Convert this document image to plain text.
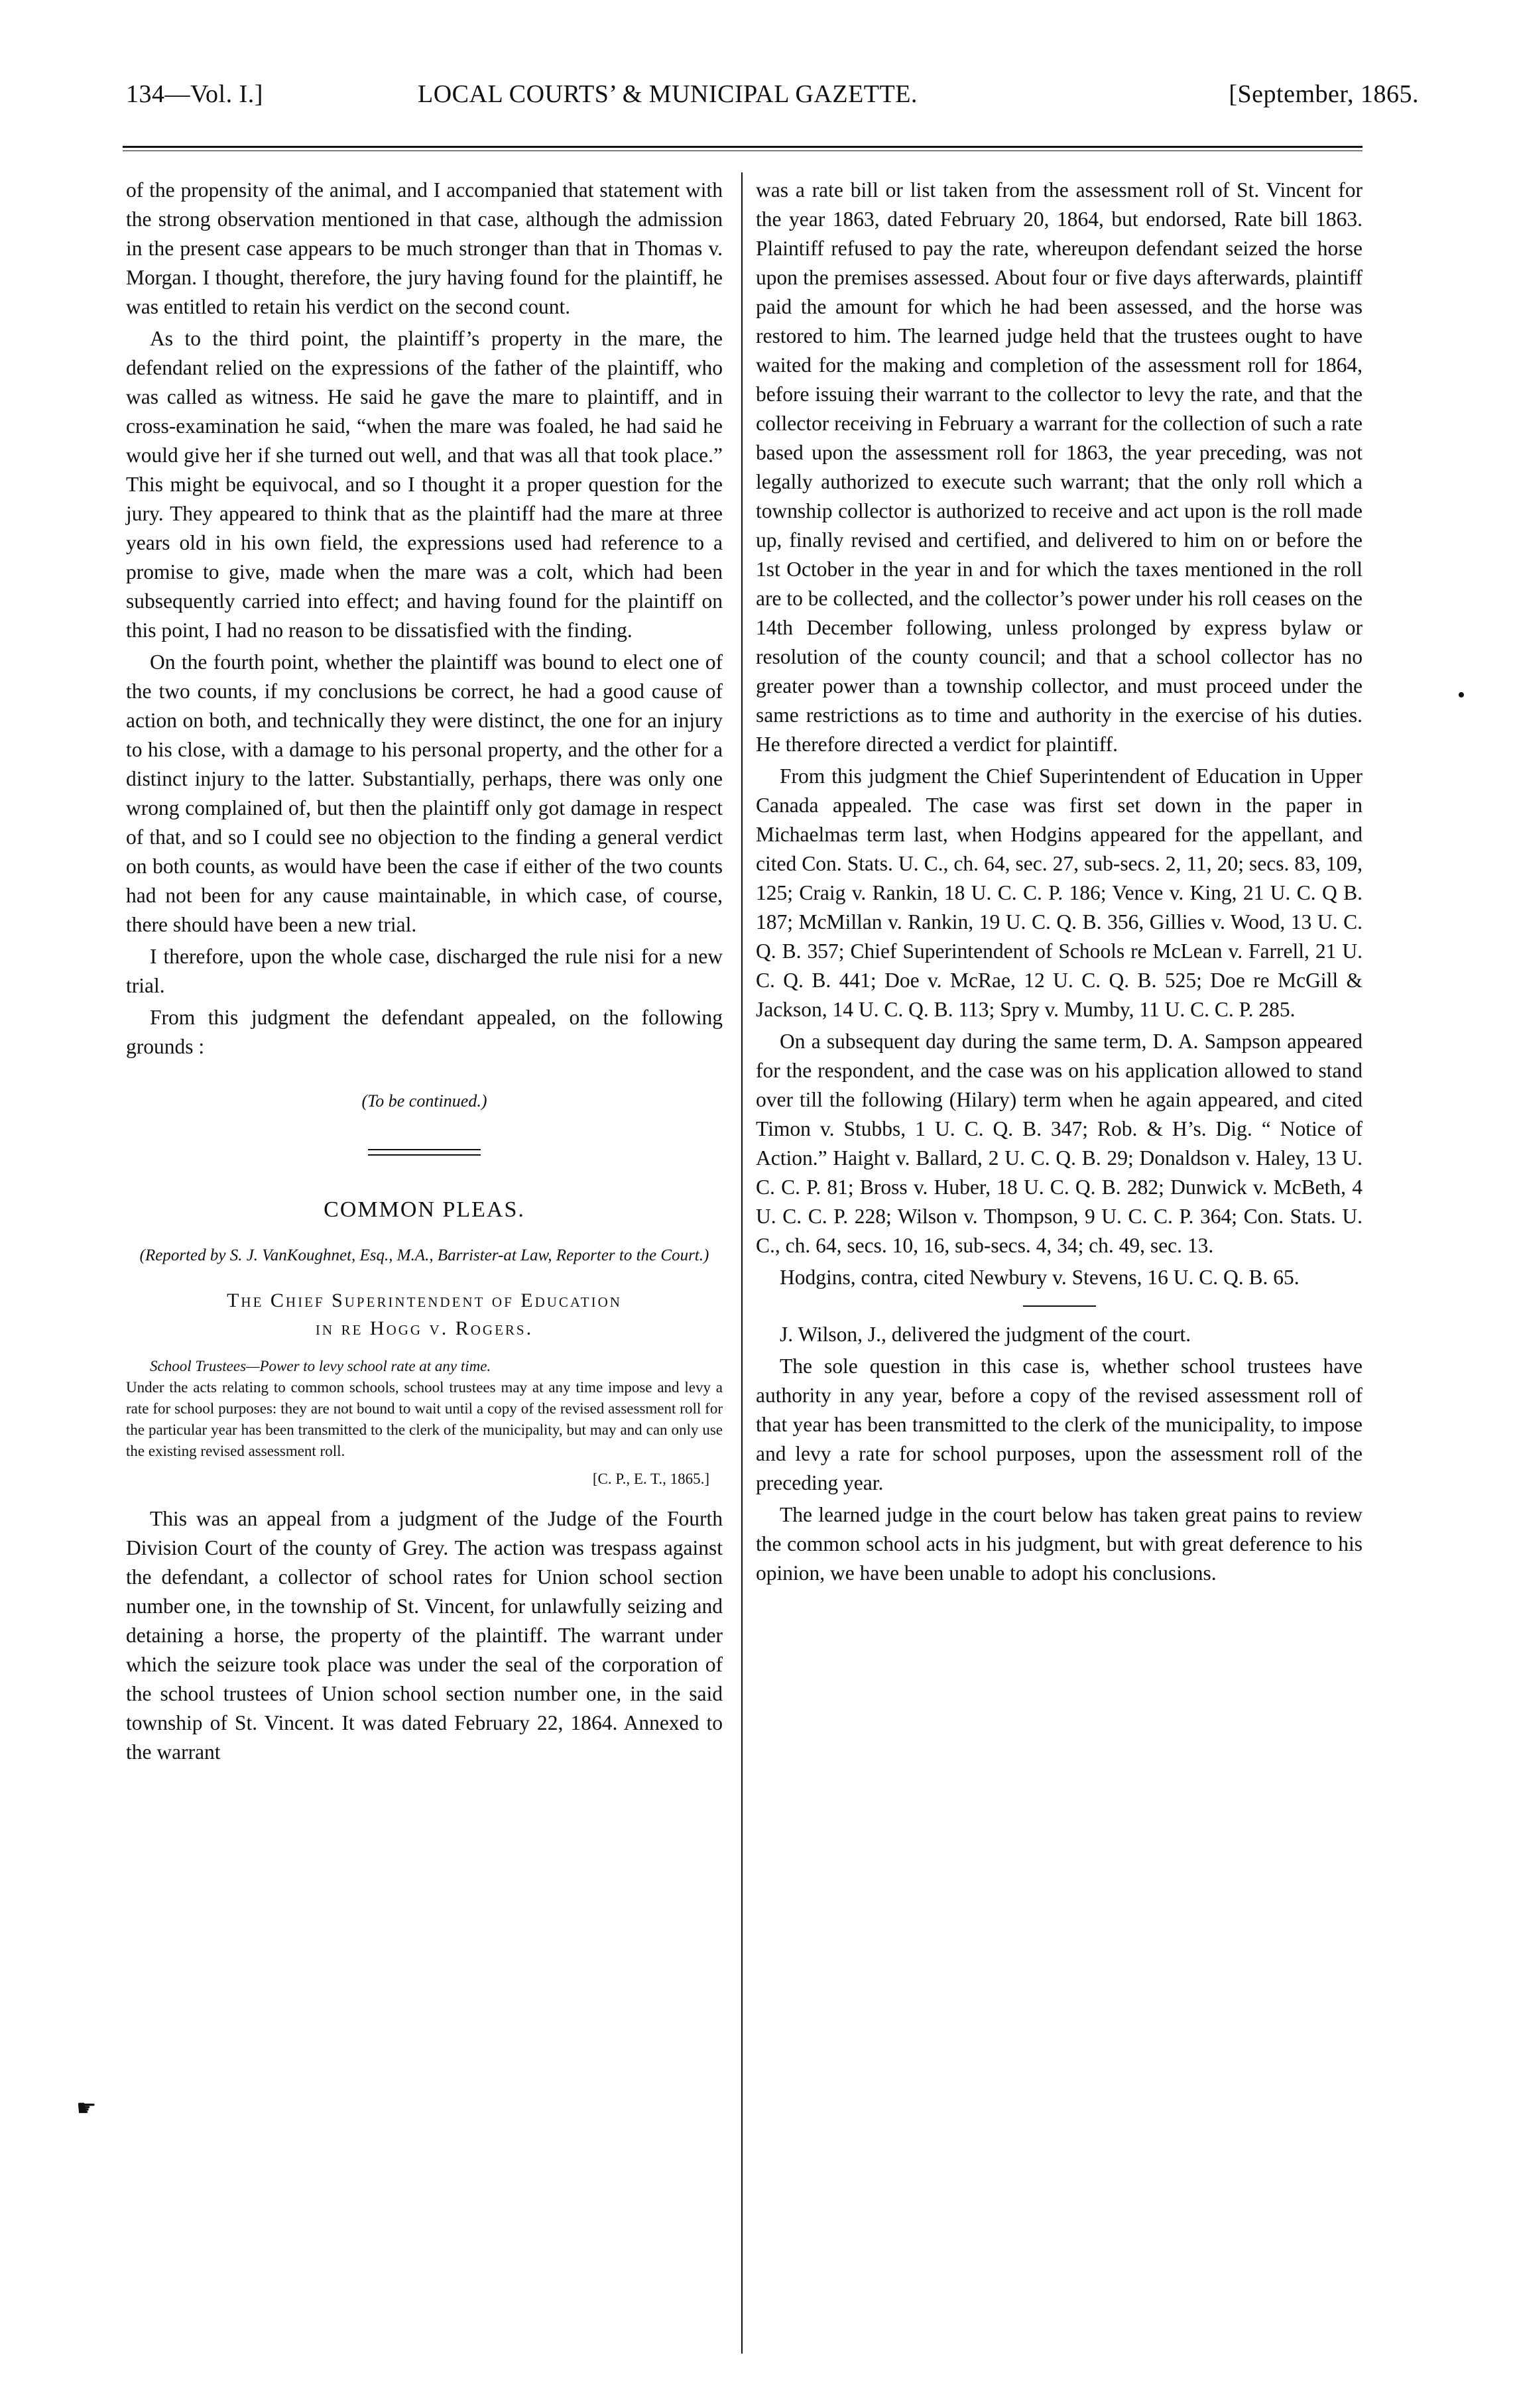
134—Vol. I.]	LOCAL COURTS’ & MUNICIPAL GAZETTE.	[September, 1865.

of the propensity of the animal, and I accompanied that statement with the strong observation mentioned in that case, although the admission in the present case appears to be much stronger than that in Thomas v. Morgan. I thought, therefore, the jury having found for the plaintiff, he was entitled to retain his verdict on the second count.

As to the third point, the plaintiff’s property in the mare, the defendant relied on the expressions of the father of the plaintiff, who was called as witness. He said he gave the mare to plaintiff, and in cross-examination he said, “when the mare was foaled, he had said he would give her if she turned out well, and that was all that took place.” This might be equivocal, and so I thought it a proper question for the jury. They appeared to think that as the plaintiff had the mare at three years old in his own field, the expressions used had reference to a promise to give, made when the mare was a colt, which had been subsequently carried into effect; and having found for the plaintiff on this point, I had no reason to be dissatisfied with the finding.

On the fourth point, whether the plaintiff was bound to elect one of the two counts, if my conclusions be correct, he had a good cause of action on both, and technically they were distinct, the one for an injury to his close, with a damage to his personal property, and the other for a distinct injury to the latter. Substantially, perhaps, there was only one wrong complained of, but then the plaintiff only got damage in respect of that, and so I could see no objection to the finding a general verdict on both counts, as would have been the case if either of the two counts had not been for any cause maintainable, in which case, of course, there should have been a new trial.

I therefore, upon the whole case, discharged the rule nisi for a new trial.

From this judgment the defendant appealed, on the following grounds :

(To be continued.)
COMMON PLEAS.
(Reported by S. J. VanKoughnet, Esq., M.A., Barrister-at Law, Reporter to the Court.)
The Chief Superintendent of Education
in re Hogg v. Rogers.
School Trustees—Power to levy school rate at any time.
Under the acts relating to common schools, school trustees may at any time impose and levy a rate for school purposes: they are not bound to wait until a copy of the revised assessment roll for the particular year has been transmitted to the clerk of the municipality, but may and can only use the existing revised assessment roll.
[C. P., E. T., 1865.]

This was an appeal from a judgment of the Judge of the Fourth Division Court of the county of Grey. The action was trespass against the defendant, a collector of school rates for Union school section number one, in the township of St. Vincent, for unlawfully seizing and detaining a horse, the property of the plaintiff. The warrant under which the seizure took place was under the seal of the corporation of the school trustees of Union school section number one, in the said township of St. Vincent. It was dated February 22, 1864. Annexed to the warrant

was a rate bill or list taken from the assessment roll of St. Vincent for the year 1863, dated February 20, 1864, but endorsed, Rate bill 1863. Plaintiff refused to pay the rate, whereupon defendant seized the horse upon the premises assessed. About four or five days afterwards, plaintiff paid the amount for which he had been assessed, and the horse was restored to him. The learned judge held that the trustees ought to have waited for the making and completion of the assessment roll for 1864, before issuing their warrant to the collector to levy the rate, and that the collector receiving in February a warrant for the collection of such a rate based upon the assessment roll for 1863, the year preceding, was not legally authorized to execute such warrant; that the only roll which a township collector is authorized to receive and act upon is the roll made up, finally revised and certified, and delivered to him on or before the 1st October in the year in and for which the taxes mentioned in the roll are to be collected, and the collector’s power under his roll ceases on the 14th December following, unless prolonged by express bylaw or resolution of the county council; and that a school collector has no greater power than a township collector, and must proceed under the same restrictions as to time and authority in the exercise of his duties. He therefore directed a verdict for plaintiff.

From this judgment the Chief Superintendent of Education in Upper Canada appealed. The case was first set down in the paper in Michaelmas term last, when Hodgins appeared for the appellant, and cited Con. Stats. U. C., ch. 64, sec. 27, sub-secs. 2, 11, 20; secs. 83, 109, 125; Craig v. Rankin, 18 U. C. C. P. 186; Vence v. King, 21 U. C. Q B. 187; McMillan v. Rankin, 19 U. C. Q. B. 356, Gillies v. Wood, 13 U. C. Q. B. 357; Chief Superintendent of Schools re McLean v. Farrell, 21 U. C. Q. B. 441; Doe v. McRae, 12 U. C. Q. B. 525; Doe re McGill & Jackson, 14 U. C. Q. B. 113; Spry v. Mumby, 11 U. C. C. P. 285.

On a subsequent day during the same term, D. A. Sampson appeared for the respondent, and the case was on his application allowed to stand over till the following (Hilary) term when he again appeared, and cited Timon v. Stubbs, 1 U. C. Q. B. 347; Rob. & H’s. Dig. “ Notice of Action.” Haight v. Ballard, 2 U. C. Q. B. 29; Donaldson v. Haley, 13 U. C. C. P. 81; Bross v. Huber, 18 U. C. Q. B. 282; Dunwick v. McBeth, 4 U. C. C. P. 228; Wilson v. Thompson, 9 U. C. C. P. 364; Con. Stats. U. C., ch. 64, secs. 10, 16, sub-secs. 4, 34; ch. 49, sec. 13.

Hodgins, contra, cited Newbury v. Stevens, 16 U. C. Q. B. 65.

J. Wilson, J., delivered the judgment of the court.

The sole question in this case is, whether school trustees have authority in any year, before a copy of the revised assessment roll of that year has been transmitted to the clerk of the municipality, to impose and levy a rate for school purposes, upon the assessment roll of the preceding year.

The learned judge in the court below has taken great pains to review the common school acts in his judgment, but with great deference to his opinion, we have been unable to adopt his conclusions.

☛
•
